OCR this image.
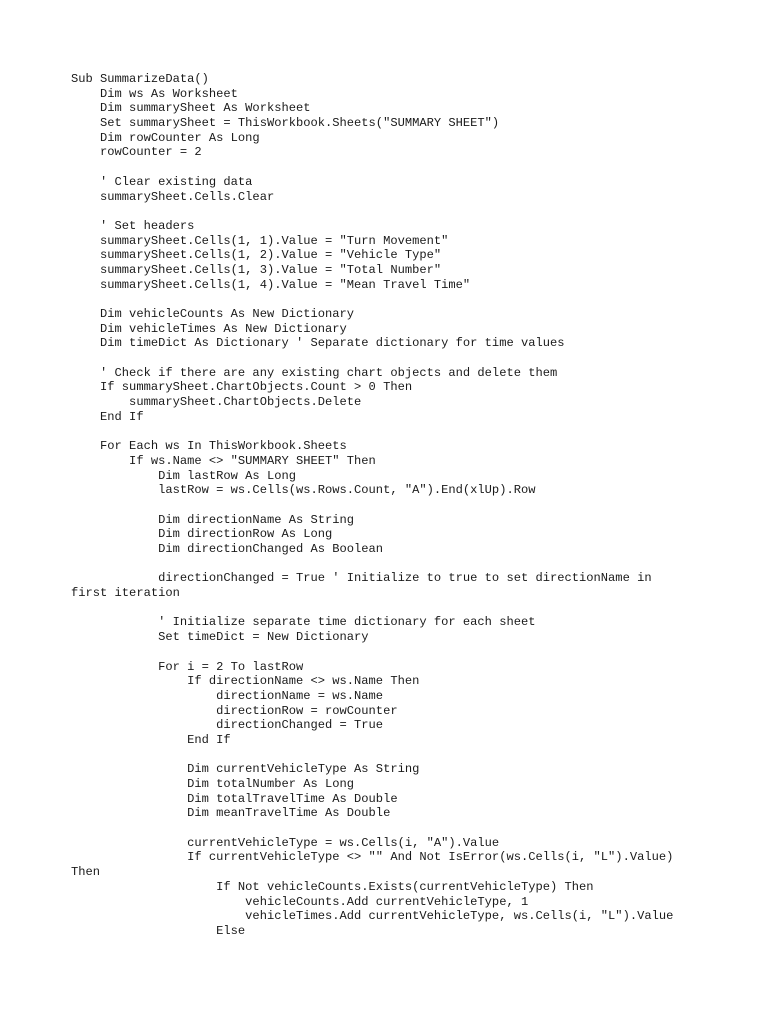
Sub SummarizeData()
Dim ws As Worksheet
Dim summarySheet As Worksheet
Set summarySheet = ThisWorkbook.Sheets("SUMMARY SHEET")
Dim rowCounter As Long
rowCounter = 2
' Clear existing data
summarySheet.Cells.Clear
' Set headers
summarySheet.Cells(1, 1).Value = "Turn Movement"
summarySheet.Cells(1, 2).Value = "Vehicle Type"
summarySheet.Cells(1, 3).Value = "Total Number"
summarySheet.Cells(1, 4).Value = "Mean Travel Time"
Dim vehicleCounts As New Dictionary
Dim vehicleTimes As New Dictionary
Dim timeDict As Dictionary ' Separate dictionary for time values
' Check if there are any existing chart objects and delete them
If summarySheet.ChartObjects.Count > 0 Then
summarySheet.ChartObjects.Delete
End If
For Each ws In ThisWorkbook.Sheets
If ws.Name <> "SUMMARY SHEET" Then
Dim lastRow As Long
lastRow = ws.Cells(ws.Rows.Count, "A").End(xlUp).Row
Dim directionName As String
Dim directionRow As Long
Dim directionChanged As Boolean
directionChanged = True ' Initialize to true to set directionName in
first iteration
' Initialize separate time dictionary for each sheet
Set timeDict = New Dictionary
For i = 2 To lastRow
If directionName <> ws.Name Then
directionName = ws.Name
directionRow = rowCounter
directionChanged = True
End If
Dim currentVehicleType As String
Dim totalNumber As Long
Dim totalTravelTime As Double
Dim meanTravelTime As Double
currentVehicleType = ws.Cells(i, "A").Value
If currentVehicleType <> "" And Not IsError(ws.Cells(i, "L").Value)
Then
If Not vehicleCounts.Exists(currentVehicleType) Then
vehicleCounts.Add currentVehicleType, 1
vehicleTimes.Add currentVehicleType, ws.Cells(i, "L").Value
Else
